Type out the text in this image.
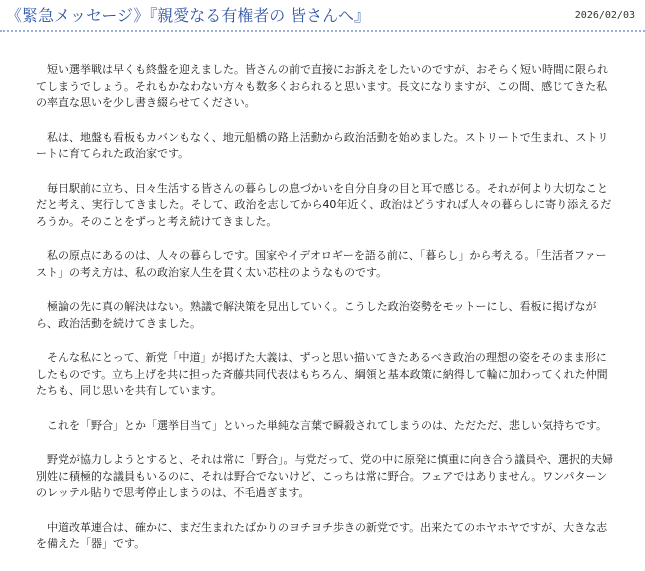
《緊急メッセージ》『親愛なる有権者の 皆さんへ』	2026/02/03

短い選挙戦は早くも終盤を迎えました。皆さんの前で直接にお訴えをしたいのですが、おそらく短い時間に限られてしまうでしょう。それもかなわない方々も数多くおられると思います。長文になりますが、この間、感じてきた私の率直な思いを少し書き綴らせてください。

私は、地盤も看板もカバンもなく、地元船橋の路上活動から政治活動を始めました。ストリートで生まれ、ストリートに育てられた政治家です。

毎日駅前に立ち、日々生活する皆さんの暮らしの息づかいを自分自身の目と耳で感じる。それが何より大切なことだと考え、実行してきました。そして、政治を志してから40年近く、政治はどうすれば人々の暮らしに寄り添えるだろうか。そのことをずっと考え続けてきました。

私の原点にあるのは、人々の暮らしです。国家やイデオロギーを語る前に、「暮らし」から考える。「生活者ファースト」の考え方は、私の政治家人生を貫く太い芯柱のようなものです。

極論の先に真の解決はない。熟議で解決策を見出していく。こうした政治姿勢をモットーにし、看板に掲げながら、政治活動を続けてきました。

そんな私にとって、新党「中道」が掲げた大義は、ずっと思い描いてきたあるべき政治の理想の姿をそのまま形にしたものです。立ち上げを共に担った斉藤共同代表はもちろん、綱領と基本政策に納得して輪に加わってくれた仲間たちも、同じ思いを共有しています。

これを「野合」とか「選挙目当て」といった単純な言葉で瞬殺されてしまうのは、ただただ、悲しい気持ちです。

野党が協力しようとすると、それは常に「野合」。与党だって、党の中に原発に慎重に向き合う議員や、選択的夫婦別姓に積極的な議員もいるのに、それは野合でないけど、こっちは常に野合。フェアではありません。ワンパターンのレッテル貼りで思考停止しまうのは、不毛過ぎます。

中道改革連合は、確かに、まだ生まれたばかりのヨチヨチ歩きの新党です。出来たてのホヤホヤですが、大きな志を備えた「器」です。
